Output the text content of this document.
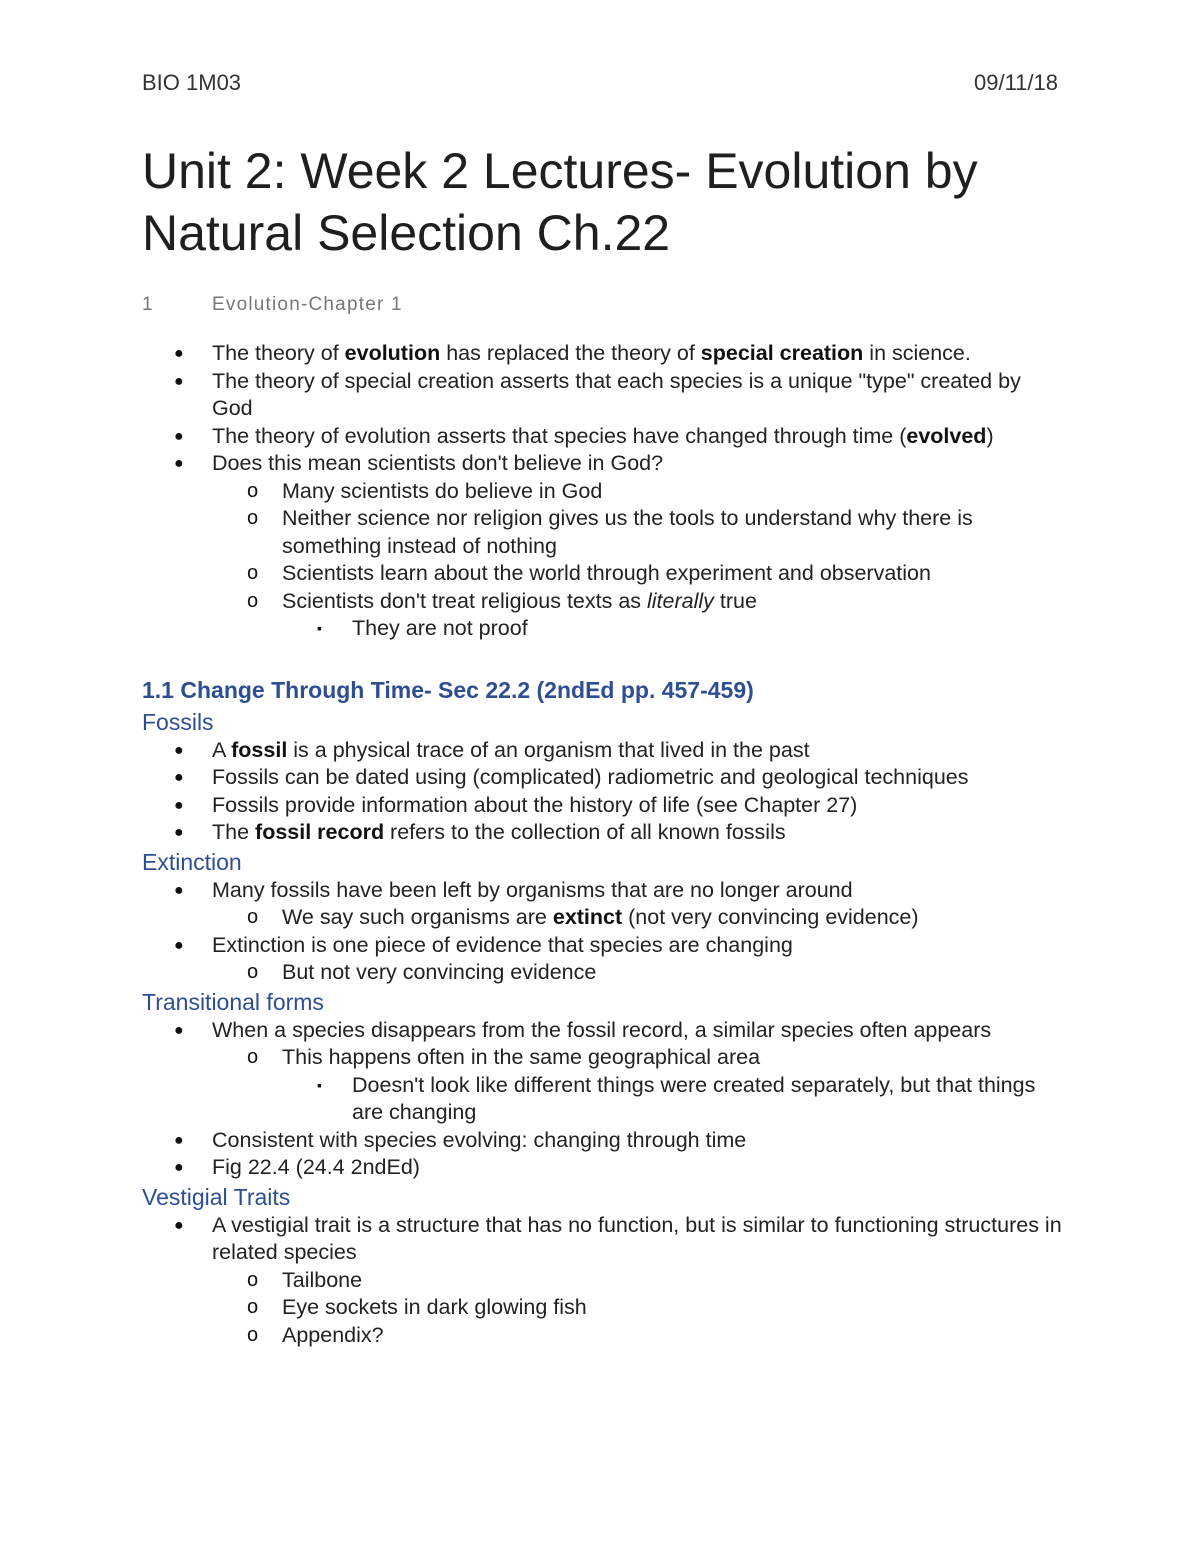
BIO 1M03	09/11/18
Unit 2: Week 2 Lectures- Evolution by Natural Selection Ch.22
1	Evolution-Chapter 1
● The theory of evolution has replaced the theory of special creation in science.
● The theory of special creation asserts that each species is a unique "type" created by God
● The theory of evolution asserts that species have changed through time (evolved)
● Does this mean scientists don't believe in God?
o Many scientists do believe in God
o Neither science nor religion gives us the tools to understand why there is something instead of nothing
o Scientists learn about the world through experiment and observation
o Scientists don't treat religious texts as literally true
▪ They are not proof
1.1 Change Through Time- Sec 22.2 (2ndEd pp. 457-459)
Fossils
● A fossil is a physical trace of an organism that lived in the past
● Fossils can be dated using (complicated) radiometric and geological techniques
● Fossils provide information about the history of life (see Chapter 27)
● The fossil record refers to the collection of all known fossils
Extinction
● Many fossils have been left by organisms that are no longer around
o We say such organisms are extinct (not very convincing evidence)
● Extinction is one piece of evidence that species are changing
o But not very convincing evidence
Transitional forms
● When a species disappears from the fossil record, a similar species often appears
o This happens often in the same geographical area
▪ Doesn't look like different things were created separately, but that things are changing
● Consistent with species evolving: changing through time
● Fig 22.4 (24.4 2ndEd)
Vestigial Traits
● A vestigial trait is a structure that has no function, but is similar to functioning structures in related species
o Tailbone
o Eye sockets in dark glowing fish
o Appendix?
